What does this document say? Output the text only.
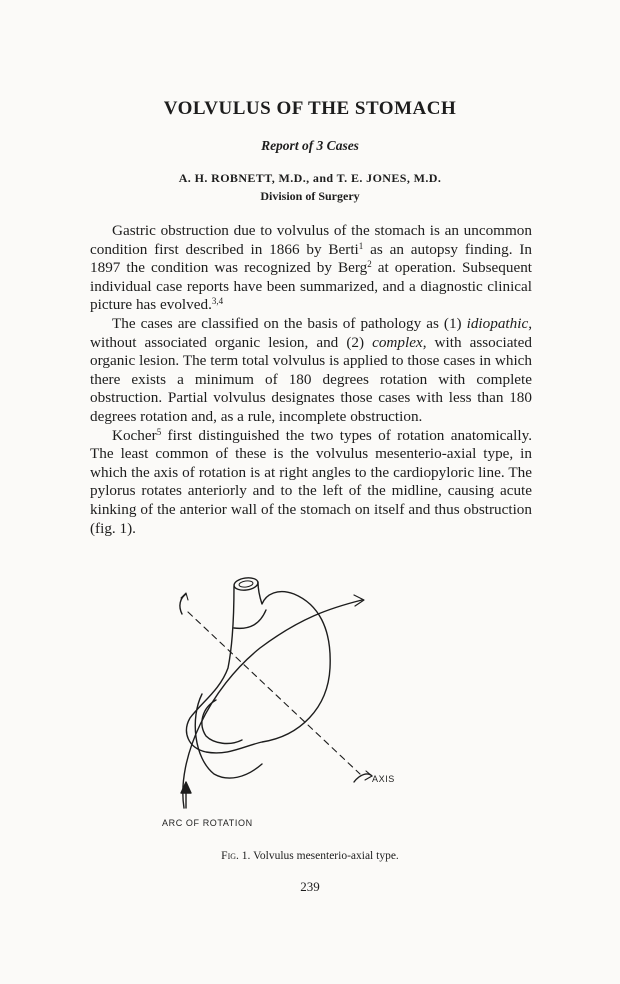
VOLVULUS OF THE STOMACH
Report of 3 Cases
A. H. ROBNETT, M.D., and T. E. JONES, M.D.
Division of Surgery

Gastric obstruction due to volvulus of the stomach is an uncommon condition first described in 1866 by Berti$^1$ as an autopsy finding. In 1897 the condition was recognized by Berg$^2$ at operation. Subsequent individual case reports have been summarized, and a diagnostic clinical picture has evolved.$^{3,4}$

The cases are classified on the basis of pathology as (1) idiopathic, without associated organic lesion, and (2) complex, with associated organic lesion. The term total volvulus is applied to those cases in which there exists a minimum of 180 degrees rotation with complete obstruction. Partial volvulus designates those cases with less than 180 degrees rotation and, as a rule, incomplete obstruction.

Kocher$^5$ first distinguished the two types of rotation anatomically. The least common of these is the volvulus mesenterio-axial type, in which the axis of rotation is at right angles to the cardiopyloric line. The pylorus rotates anteriorly and to the left of the midline, causing acute kinking of the anterior wall of the stomach on itself and thus obstruction (fig. 1).

AXIS
ARC OF ROTATION
Fig. 1. Volvulus mesenterio-axial type.
239
